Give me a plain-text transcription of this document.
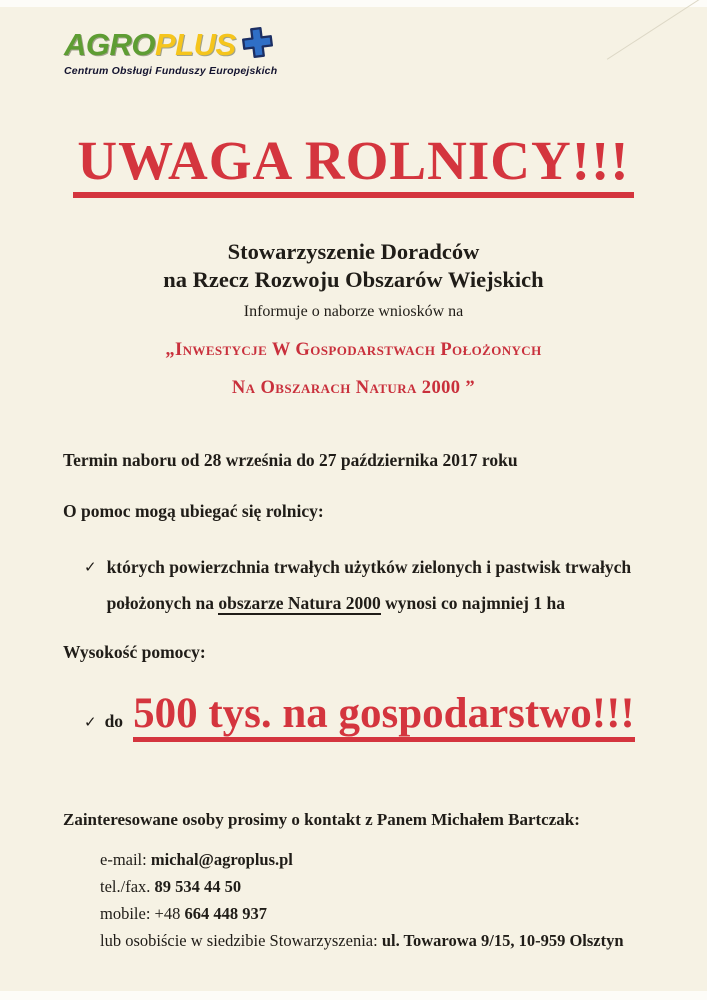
AGRO PLUS
Centrum Obsługi Funduszy Europejskich
UWAGA ROLNICY!!!
Stowarzyszenie Doradców
na Rzecz Rozwoju Obszarów Wiejskich
Informuje o naborze wniosków na
„Inwestycje W Gospodarstwach Położonych
Na Obszarach Natura 2000 ”
Termin naboru od 28 września do 27 października 2017 roku
O pomoc mogą ubiegać się rolnicy:
✓ których powierzchnia trwałych użytków zielonych i pastwisk trwałych
położonych na obszarze Natura 2000 wynosi co najmniej 1 ha
Wysokość pomocy:
✓ do 500 tys. na gospodarstwo!!!
Zainteresowane osoby prosimy o kontakt z Panem Michałem Bartczak:
e-mail: michal@agroplus.pl
tel./fax. 89 534 44 50
mobile: +48 664 448 937
lub osobiście w siedzibie Stowarzyszenia: ul. Towarowa 9/15, 10-959 Olsztyn
